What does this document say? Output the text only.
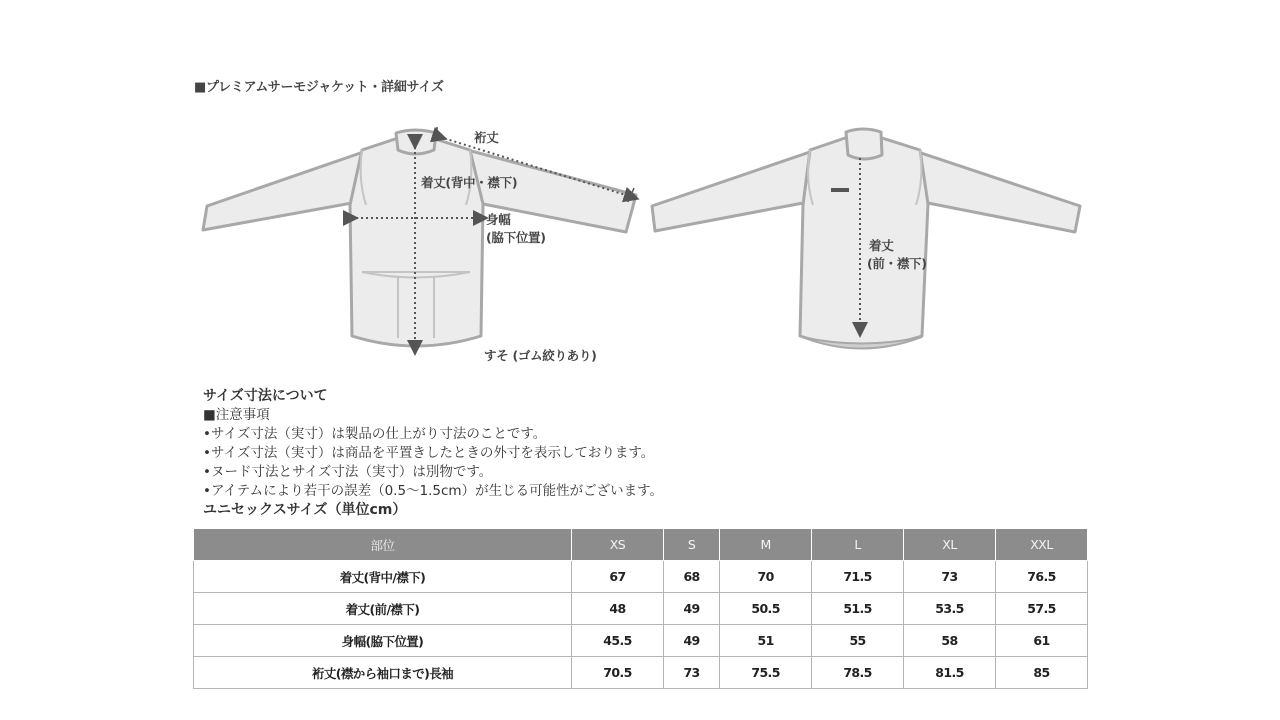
■プレミアムサーモジャケット・詳細サイズ
裄丈
着丈(背中・襟下)
身幅
(脇下位置)
すそ (ゴム絞りあり)
着丈
(前・襟下)
サイズ寸法について
■注意事項
•サイズ寸法（実寸）は製品の仕上がり寸法のことです。
•サイズ寸法（実寸）は商品を平置きしたときの外寸を表示しております。
•ヌード寸法とサイズ寸法（実寸）は別物です。
•アイテムにより若干の誤差（0.5〜1.5cm）が生じる可能性がございます。
ユニセックスサイズ（単位cm）
部位	XS	S	M	L	XL	XXL
着丈(背中/襟下)	67	68	70	71.5	73	76.5
着丈(前/襟下)	48	49	50.5	51.5	53.5	57.5
身幅(脇下位置)	45.5	49	51	55	58	61
裄丈(襟から袖口まで)長袖	70.5	73	75.5	78.5	81.5	85
